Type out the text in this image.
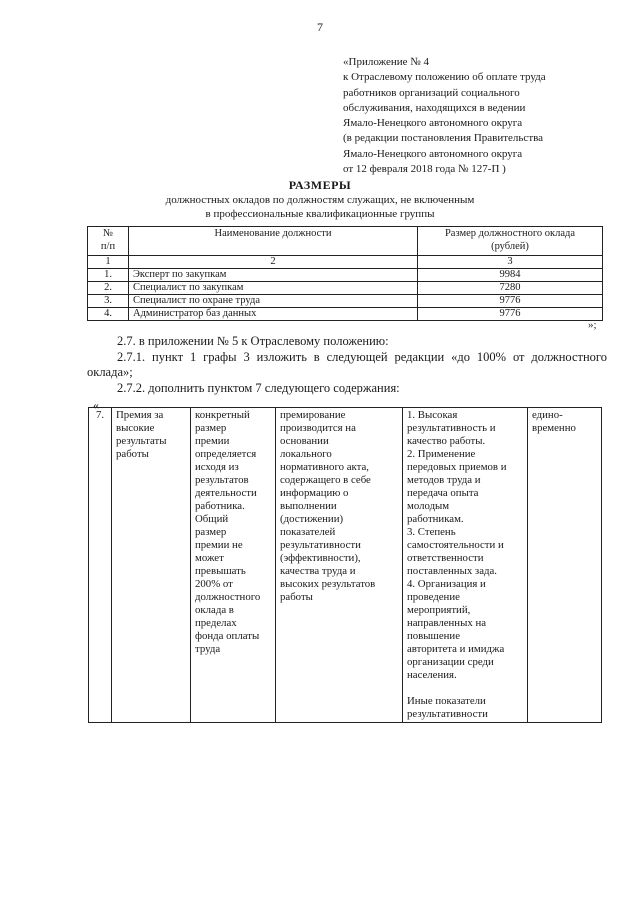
7
«Приложение № 4
к Отраслевому положению об оплате труда
работников организаций социального
обслуживания, находящихся в ведении
Ямало-Ненецкого автономного округа
(в редакции постановления Правительства
Ямало-Ненецкого автономного округа
от 12 февраля 2018 года № 127-П )
РАЗМЕРЫ
должностных окладов по должностям служащих, не включенным
в профессиональные квалификационные группы
№
п/п	Наименование должности	Размер должностного оклада
(рублей)
1	2	3
1.	Эксперт по закупкам	9984
2.	Специалист по закупкам	7280
3.	Специалист по охране труда	9776
4.	Администратор баз данных	9776
»;
2.7. в приложении № 5 к Отраслевому положению:
2.7.1. пункт 1 графы 3 изложить в следующей редакции «до 100% от должностного оклада»;
2.7.2. дополнить пунктом 7 следующего содержания:
«
7.	Премия за
высокие
результаты
работы	конкретный
размер
премии
определяется
исходя из
результатов
деятельности
работника.
Общий
размер
премии не
может
превышать
200% от
должностного
оклада в
пределах
фонда оплаты
труда	премирование
производится на
основании
локального
нормативного акта,
содержащего в себе
информацию о
выполнении
(достижении)
показателей
результативности
(эффективности),
качества труда и
высоких результатов
работы	1. Высокая
результативность и
качество работы.
2. Применение
передовых приемов и
методов труда и
передача опыта
молодым
работникам.
3. Степень
самостоятельности и
ответственности
поставленных зада.
4. Организация и
проведение
мероприятий,
направленных на
повышение
авторитета и имиджа
организации среди
населения.

Иные показатели
результативности	едино-
временно
